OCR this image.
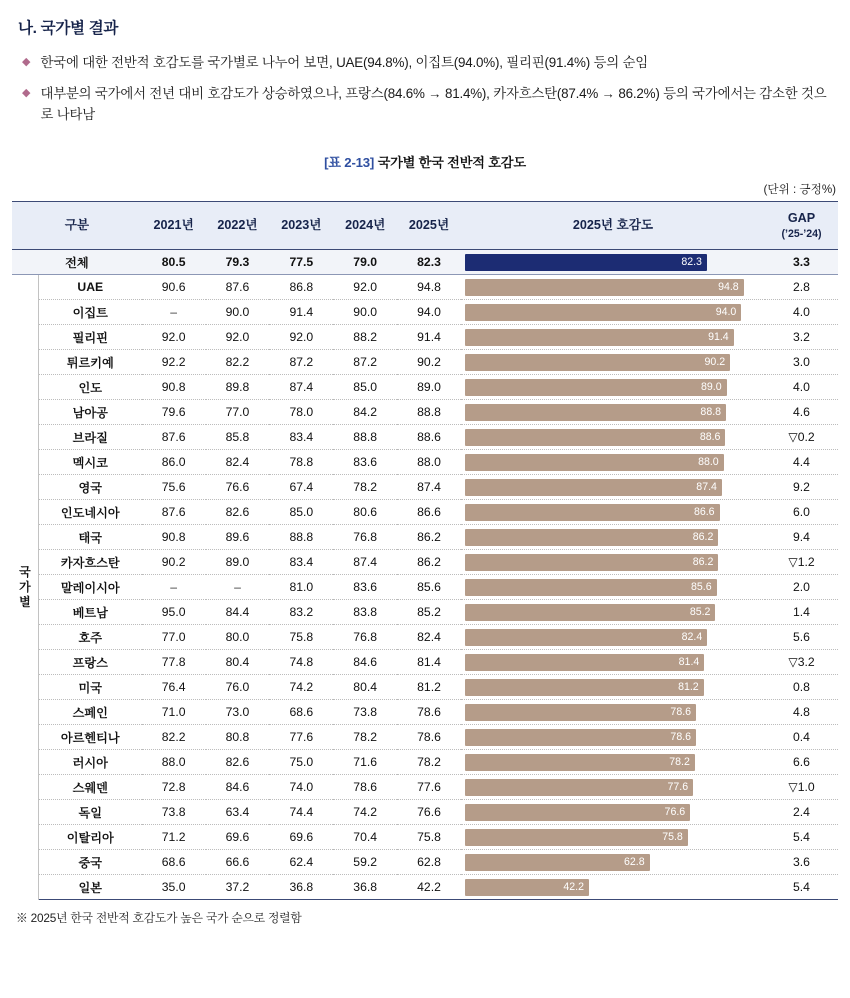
나. 국가별 결과
◆ 한국에 대한 전반적 호감도를 국가별로 나누어 보면, UAE(94.8%), 이집트(94.0%), 필리핀(91.4%) 등의 순임
◆ 대부분의 국가에서 전년 대비 호감도가 상승하였으나, 프랑스(84.6% → 81.4%), 카자흐스탄(87.4% → 86.2%) 등의 국가에서는 감소한 것으로 나타남
[표 2-13] 국가별 한국 전반적 호감도
(단위 : 긍정%)
구분		2021년	2022년	2023년	2024년	2025년	2025년 호감도	GAP
(’25-’24)

전체		80.5	79.3	77.5	79.0	82.3	82.3	3.3
국
가
별	UAE	90.6	87.6	86.8	92.0	94.8	94.8	2.8
	이집트	–	90.0	91.4	90.0	94.0	94.0	4.0
	필리핀	92.0	92.0	92.0	88.2	91.4	91.4	3.2
	튀르키예	92.2	82.2	87.2	87.2	90.2	90.2	3.0
	인도	90.8	89.8	87.4	85.0	89.0	89.0	4.0
	남아공	79.6	77.0	78.0	84.2	88.8	88.8	4.6
	브라질	87.6	85.8	83.4	88.8	88.6	88.6	▽0.2
	멕시코	86.0	82.4	78.8	83.6	88.0	88.0	4.4
	영국	75.6	76.6	67.4	78.2	87.4	87.4	9.2
	인도네시아	87.6	82.6	85.0	80.6	86.6	86.6	6.0
	태국	90.8	89.6	88.8	76.8	86.2	86.2	9.4
	카자흐스탄	90.2	89.0	83.4	87.4	86.2	86.2	▽1.2
	말레이시아	–	–	81.0	83.6	85.6	85.6	2.0
	베트남	95.0	84.4	83.2	83.8	85.2	85.2	1.4
	호주	77.0	80.0	75.8	76.8	82.4	82.4	5.6
	프랑스	77.8	80.4	74.8	84.6	81.4	81.4	▽3.2
	미국	76.4	76.0	74.2	80.4	81.2	81.2	0.8
	스페인	71.0	73.0	68.6	73.8	78.6	78.6	4.8
	아르헨티나	82.2	80.8	77.6	78.2	78.6	78.6	0.4
	러시아	88.0	82.6	75.0	71.6	78.2	78.2	6.6
	스웨덴	72.8	84.6	74.0	78.6	77.6	77.6	▽1.0
	독일	73.8	63.4	74.4	74.2	76.6	76.6	2.4
	이탈리아	71.2	69.6	69.6	70.4	75.8	75.8	5.4
	중국	68.6	66.6	62.4	59.2	62.8	62.8	3.6
	일본	35.0	37.2	36.8	36.8	42.2	42.2	5.4
※ 2025년 한국 전반적 호감도가 높은 국가 순으로 정렬함
